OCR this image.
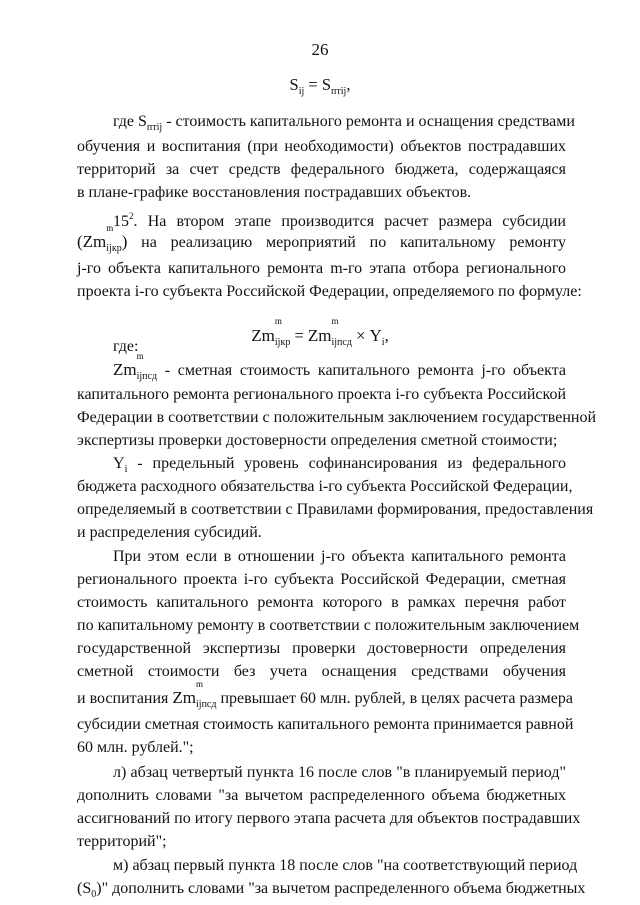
26
$S_{ij} = S_{птij}$,
где $S_{птij}$ - стоимость капитального ремонта и оснащения средствами
обучения и воспитания (при необходимости) объектов пострадавших
территорий за счет средств федерального бюджета, содержащаяся
в плане-графике восстановления пострадавших объектов.
$15^2$. На втором этапе производится расчет размера субсидии
(Zm
m
ijкр) на реализацию мероприятий по капитальному ремонту
j-го объекта капитального ремонта m-го этапа отбора регионального
проекта i-го субъекта Российской Федерации, определяемого по формуле:
Zm
m
ijкр = Zm
m
ijпсд × $Y_i$,
где:
Zm
m
ijпсд - сметная стоимость капитального ремонта j-го объекта
капитального ремонта регионального проекта i-го субъекта Российской
Федерации в соответствии с положительным заключением государственной
экспертизы проверки достоверности определения сметной стоимости;
$Y_i$ - предельный уровень софинансирования из федерального
бюджета расходного обязательства i-го субъекта Российской Федерации,
определяемый в соответствии с Правилами формирования, предоставления
и распределения субсидий.
При этом если в отношении j-го объекта капитального ремонта
регионального проекта i-го субъекта Российской Федерации, сметная
стоимость капитального ремонта которого в рамках перечня работ
по капитальному ремонту в соответствии с положительным заключением
государственной экспертизы проверки достоверности определения
сметной стоимости без учета оснащения средствами обучения
и воспитания Zm
m
ijпсд превышает 60 млн. рублей, в целях расчета размера
субсидии сметная стоимость капитального ремонта принимается равной
60 млн. рублей.";
л) абзац четвертый пункта 16 после слов "в планируемый период"
дополнить словами "за вычетом распределенного объема бюджетных
ассигнований по итогу первого этапа расчета для объектов пострадавших
территорий";
м) абзац первый пункта 18 после слов "на соответствующий период
$(S_0)$" дополнить словами "за вычетом распределенного объема бюджетных
